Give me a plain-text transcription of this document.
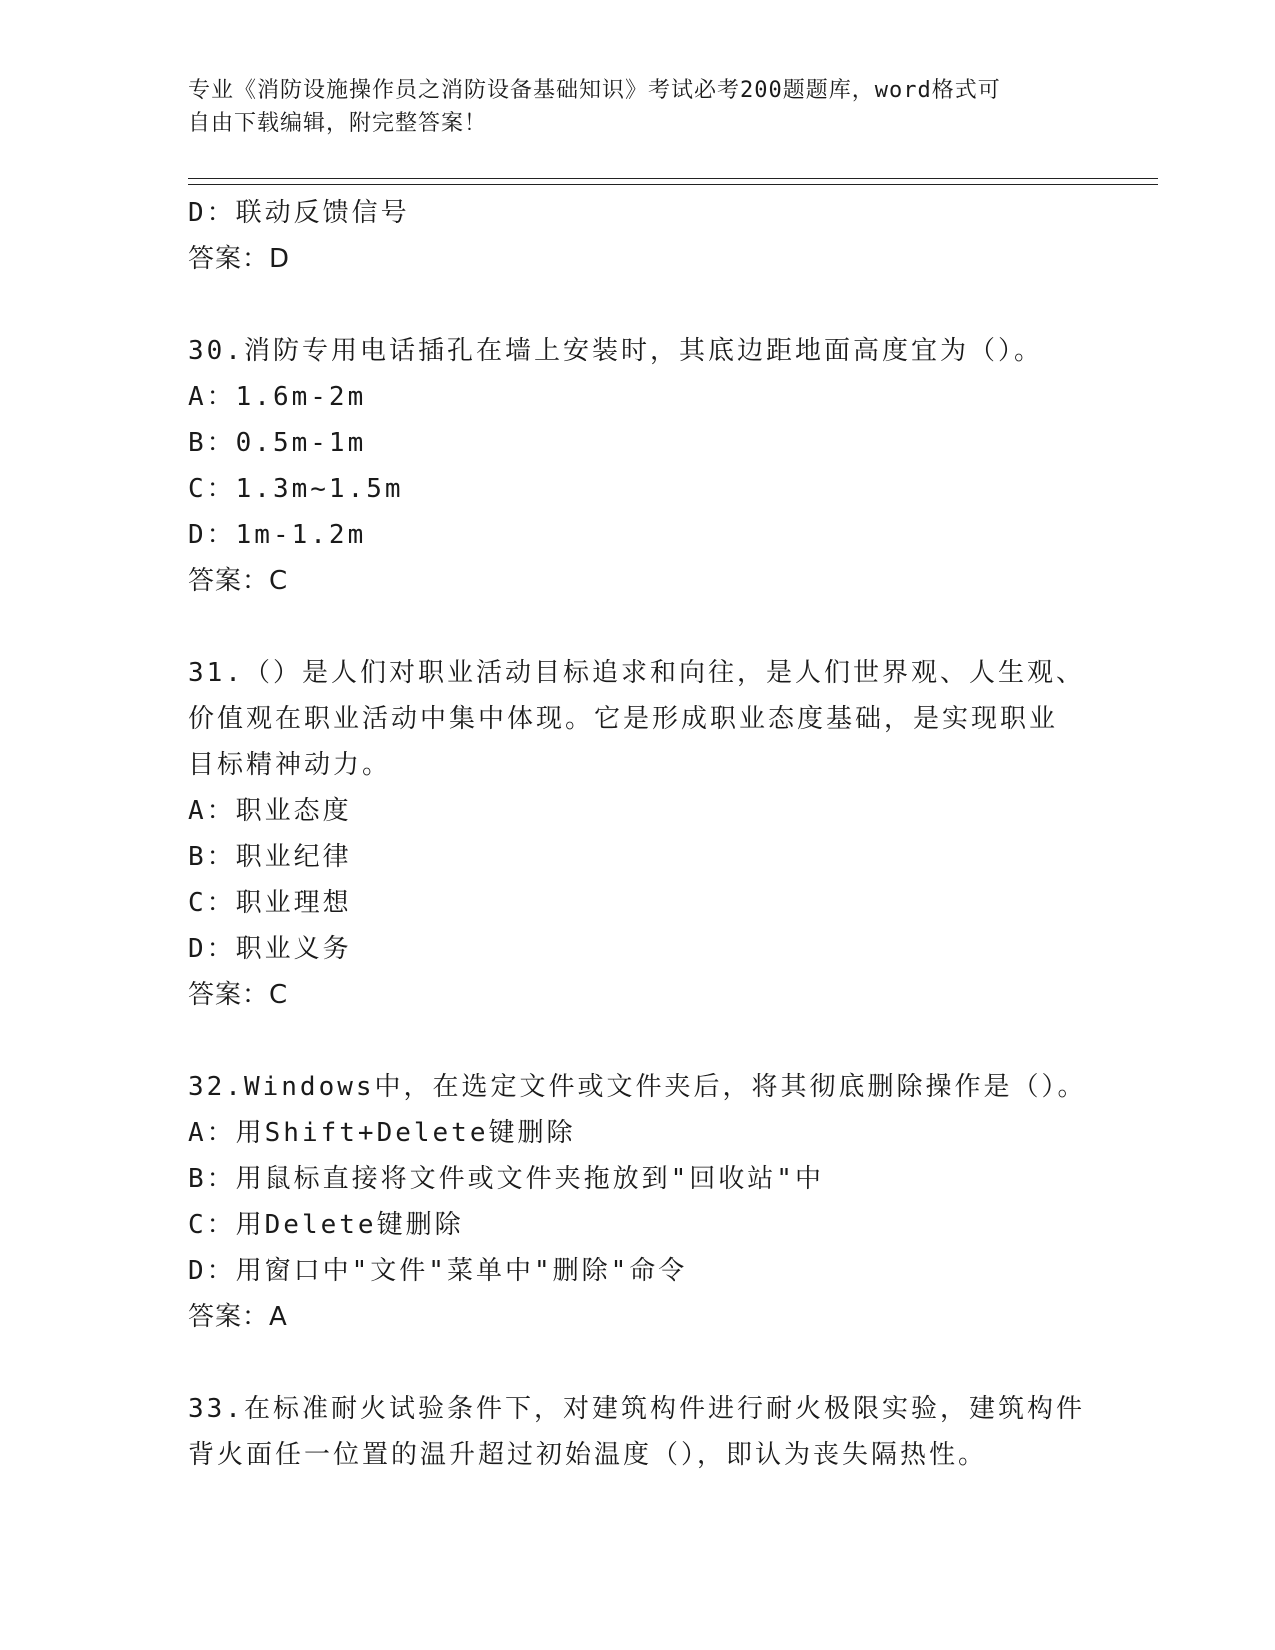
专业《消防设施操作员之消防设备基础知识》考试必考200题题库，word格式可
自由下载编辑，附完整答案！
D：联动反馈信号
答案：D
30.消防专用电话插孔在墙上安装时，其底边距地面高度宜为（）。
A：1.6m-2m
B：0.5m-1m
C：1.3m~1.5m
D：1m-1.2m
答案：C
31.（）是人们对职业活动目标追求和向往，是人们世界观、人生观、
价值观在职业活动中集中体现。它是形成职业态度基础，是实现职业
目标精神动力。
A：职业态度
B：职业纪律
C：职业理想
D：职业义务
答案：C
32.Windows中，在选定文件或文件夹后，将其彻底删除操作是（）。
A：用Shift+Delete键删除
B：用鼠标直接将文件或文件夹拖放到"回收站"中
C：用Delete键删除
D：用窗口中"文件"菜单中"删除"命令
答案：A
33.在标准耐火试验条件下，对建筑构件进行耐火极限实验，建筑构件
背火面任一位置的温升超过初始温度（），即认为丧失隔热性。
